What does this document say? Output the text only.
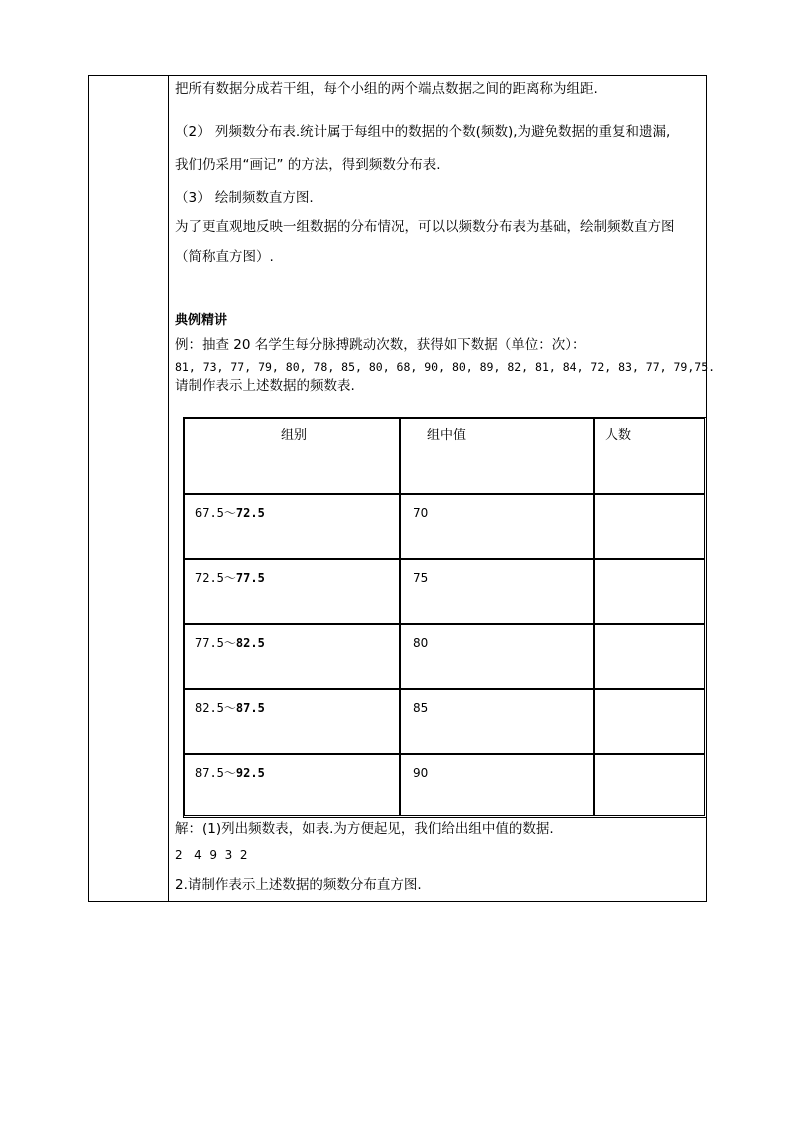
把所有数据分成若干组，每个小组的两个端点数据之间的距离称为组距.
（2） 列频数分布表.统计属于每组中的数据的个数(频数),为避免数据的重复和遗漏,
我们仍采用“画记” 的方法，得到频数分布表.
（3） 绘制频数直方图.
为了更直观地反映一组数据的分布情况，可以以频数分布表为基础，绘制频数直方图
（简称直方图）.
典例精讲
例：抽查 20 名学生每分脉搏跳动次数，获得如下数据（单位：次）：
81, 73, 77, 79, 80, 78, 85, 80, 68, 90, 80, 89, 82, 81, 84, 72, 83, 77, 79,75.
请制作表示上述数据的频数表.
组别	组中值	人数
67.5～72.5	70
72.5～77.5	75
77.5～82.5	80
82.5～87.5	85
87.5～92.5	90
解：(1)列出频数表，如表.为方便起见，我们给出组中值的数据.
2   4  9  3  2
2.请制作表示上述数据的频数分布直方图.
